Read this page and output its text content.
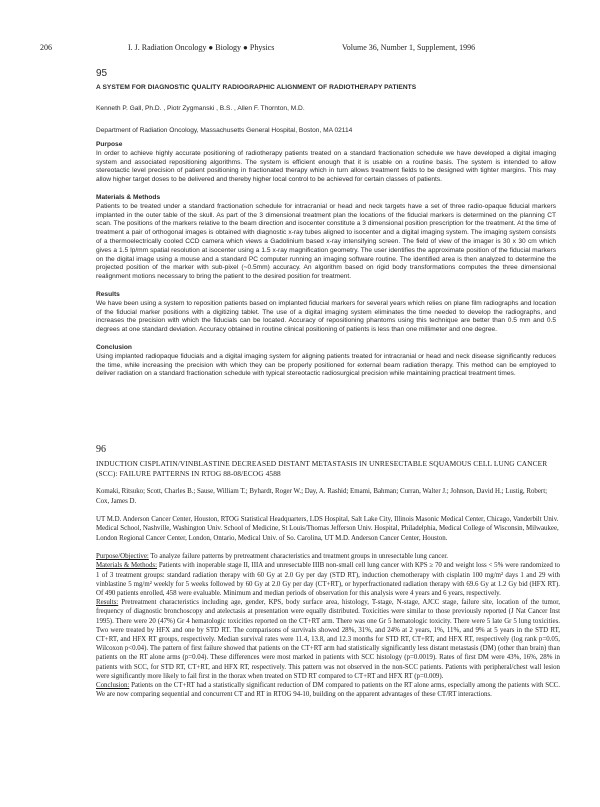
206	I. J. Radiation Oncology ● Biology ● Physics	Volume 36, Number 1, Supplement, 1996

95

A SYSTEM FOR DIAGNOSTIC QUALITY RADIOGRAPHIC ALIGNMENT OF RADIOTHERAPY PATIENTS

Kenneth P. Gall, Ph.D. , Piotr Zygmanski , B.S. , Allen F. Thornton, M.D.

Department of Radiation Oncology, Massachusetts General Hospital, Boston, MA 02114

Purpose

In order to achieve highly accurate positioning of radiotherapy patients treated on a standard fractionation schedule we have developed a digital imaging system and associated repositioning algorithms. The system is efficient enough that it is usable on a routine basis. The system is intended to allow stereotactic level precision of patient positioning in fractionated therapy which in turn allows treatment fields to be designed with tighter margins. This may allow higher target doses to be delivered and thereby higher local control to be achieved for certain classes of patients.

Materials & Methods

Patients to be treated under a standard fractionation schedule for intracranial or head and neck targets have a set of three radio-opaque fiducial markers implanted in the outer table of the skull. As part of the 3 dimensional treatment plan the locations of the fiducial markers is determined on the planning CT scan. The positions of the markers relative to the beam direction and isocenter constitute a 3 dimensional position prescription for the treatment. At the time of treatment a pair of orthogonal images is obtained with diagnostic x-ray tubes aligned to isocenter and a digital imaging system. The imaging system consists of a thermoelectrically cooled CCD camera which views a Gadolinium based x-ray intensifying screen. The field of view of the imager is 30 x 30 cm which gives a 1.5 lp/mm spatial resolution at isocenter using a 1.5 x-ray magnification geometry. The user identifies the approximate position of the fiducial markers on the digital image using a mouse and a standard PC computer running an imaging software routine. The identified area is then analyzed to determine the projected position of the marker with sub-pixel (~0.5mm) accuracy. An algorithm based on rigid body transformations computes the three dimensional realignment motions necessary to bring the patient to the desired position for treatment.

Results

We have been using a system to reposition patients based on implanted fiducial markers for several years which relies on plane film radiographs and location of the fiducial marker positions with a digitizing tablet. The use of a digital imaging system eliminates the time needed to develop the radiographs, and increases the precision with which the fiducials can be located. Accuracy of repositioning phantoms using this technique are better than 0.5 mm and 0.5 degrees at one standard deviation. Accuracy obtained in routine clinical positioning of patients is less than one millimeter and one degree.

Conclusion

Using implanted radiopaque fiducials and a digital imaging system for aligning patients treated for intracranial or head and neck disease significantly reduces the time, while increasing the precision with which they can be properly positioned for external beam radiation therapy. This method can be employed to deliver radiation on a standard fractionation schedule with typical stereotactic radiosurgical precision while maintaining practical treatment times.

96

INDUCTION CISPLATIN/VINBLASTINE DECREASED DISTANT METASTASIS IN UNRESECTABLE SQUAMOUS CELL LUNG CANCER (SCC): FAILURE PATTERNS IN RTOG 88-08/ECOG 4588

Komaki, Ritsuko; Scott, Charles B.; Sause, William T.; Byhardt, Roger W.; Day, A. Rashid; Emami, Bahman; Curran, Walter J.; Johnson, David H.; Lustig, Robert; Cox, James D.

UT M.D. Anderson Cancer Center, Houston, RTOG Statistical Headquarters, LDS Hospital, Salt Lake City, Illinois Masonic Medical Center, Chicago, Vanderbilt Univ. Medical School, Nashville, Washington Univ. School of Medicine, St Louis/Thomas Jefferson Univ. Hospital, Philadelphia, Medical College of Wisconsin, Milwaukee, London Regional Cancer Center, London, Ontario, Medical Univ. of So. Carolina, UT M.D. Anderson Cancer Center, Houston.

Purpose/Objective: To analyze failure patterns by pretreatment characteristics and treatment groups in unresectable lung cancer.
Materials & Methods: Patients with inoperable stage II, IIIA and unresectable IIIB non-small cell lung cancer with KPS ≥ 70 and weight loss < 5% were randomized to 1 of 3 treatment groups: standard radiation therapy with 60 Gy at 2.0 Gy per day (STD RT), induction chemotherapy with cisplatin 100 mg/m² days 1 and 29 with vinblastine 5 mg/m² weekly for 5 weeks followed by 60 Gy at 2.0 Gy per day (CT+RT), or hyperfractionated radiation therapy with 69.6 Gy at 1.2 Gy bid (HFX RT). Of 490 patients enrolled, 458 were evaluable. Minimum and median periods of observation for this analysis were 4 years and 6 years, respectively.
Results: Pretreatment characteristics including age, gender, KPS, body surface area, histology, T-stage, N-stage, AJCC stage, failure site, location of the tumor, frequency of diagnostic bronchoscopy and atelectasis at presentation were equally distributed. Toxicities were similar to those previously reported (J Nat Cancer Inst 1995). There were 20 (47%) Gr 4 hematologic toxicities reported on the CT+RT arm. There was one Gr 5 hematologic toxicity. There were 5 late Gr 5 lung toxicities. Two were treated by HFX and one by STD RT. The comparisons of survivals showed 28%, 31%, and 24% at 2 years, 1%, 11%, and 9% at 5 years in the STD RT, CT+RT, and HFX RT groups, respectively. Median survival rates were 11.4, 13.8, and 12.3 months for STD RT, CT+RT, and HFX RT, respectively (log rank p=0.05, Wilcoxon p<0.04). The pattern of first failure showed that patients on the CT+RT arm had statistically significantly less distant metastasis (DM) (other than brain) than patients on the RT alone arms (p=0.04). These differences were most marked in patients with SCC histology (p=0.0019). Rates of first DM were 43%, 16%, 28% in patients with SCC, for STD RT, CT+RT, and HFX RT, respectively. This pattern was not observed in the non-SCC patients. Patients with peripheral/chest wall lesion were significantly more likely to fail first in the thorax when treated on STD RT compared to CT+RT and HFX RT (p=0.009).
Conclusion: Patients on the CT+RT had a statistically significant reduction of DM compared to patients on the RT alone arms, especially among the patients with SCC. We are now comparing sequential and concurrent CT and RT in RTOG 94-10, building on the apparent advantages of these CT/RT interactions.
